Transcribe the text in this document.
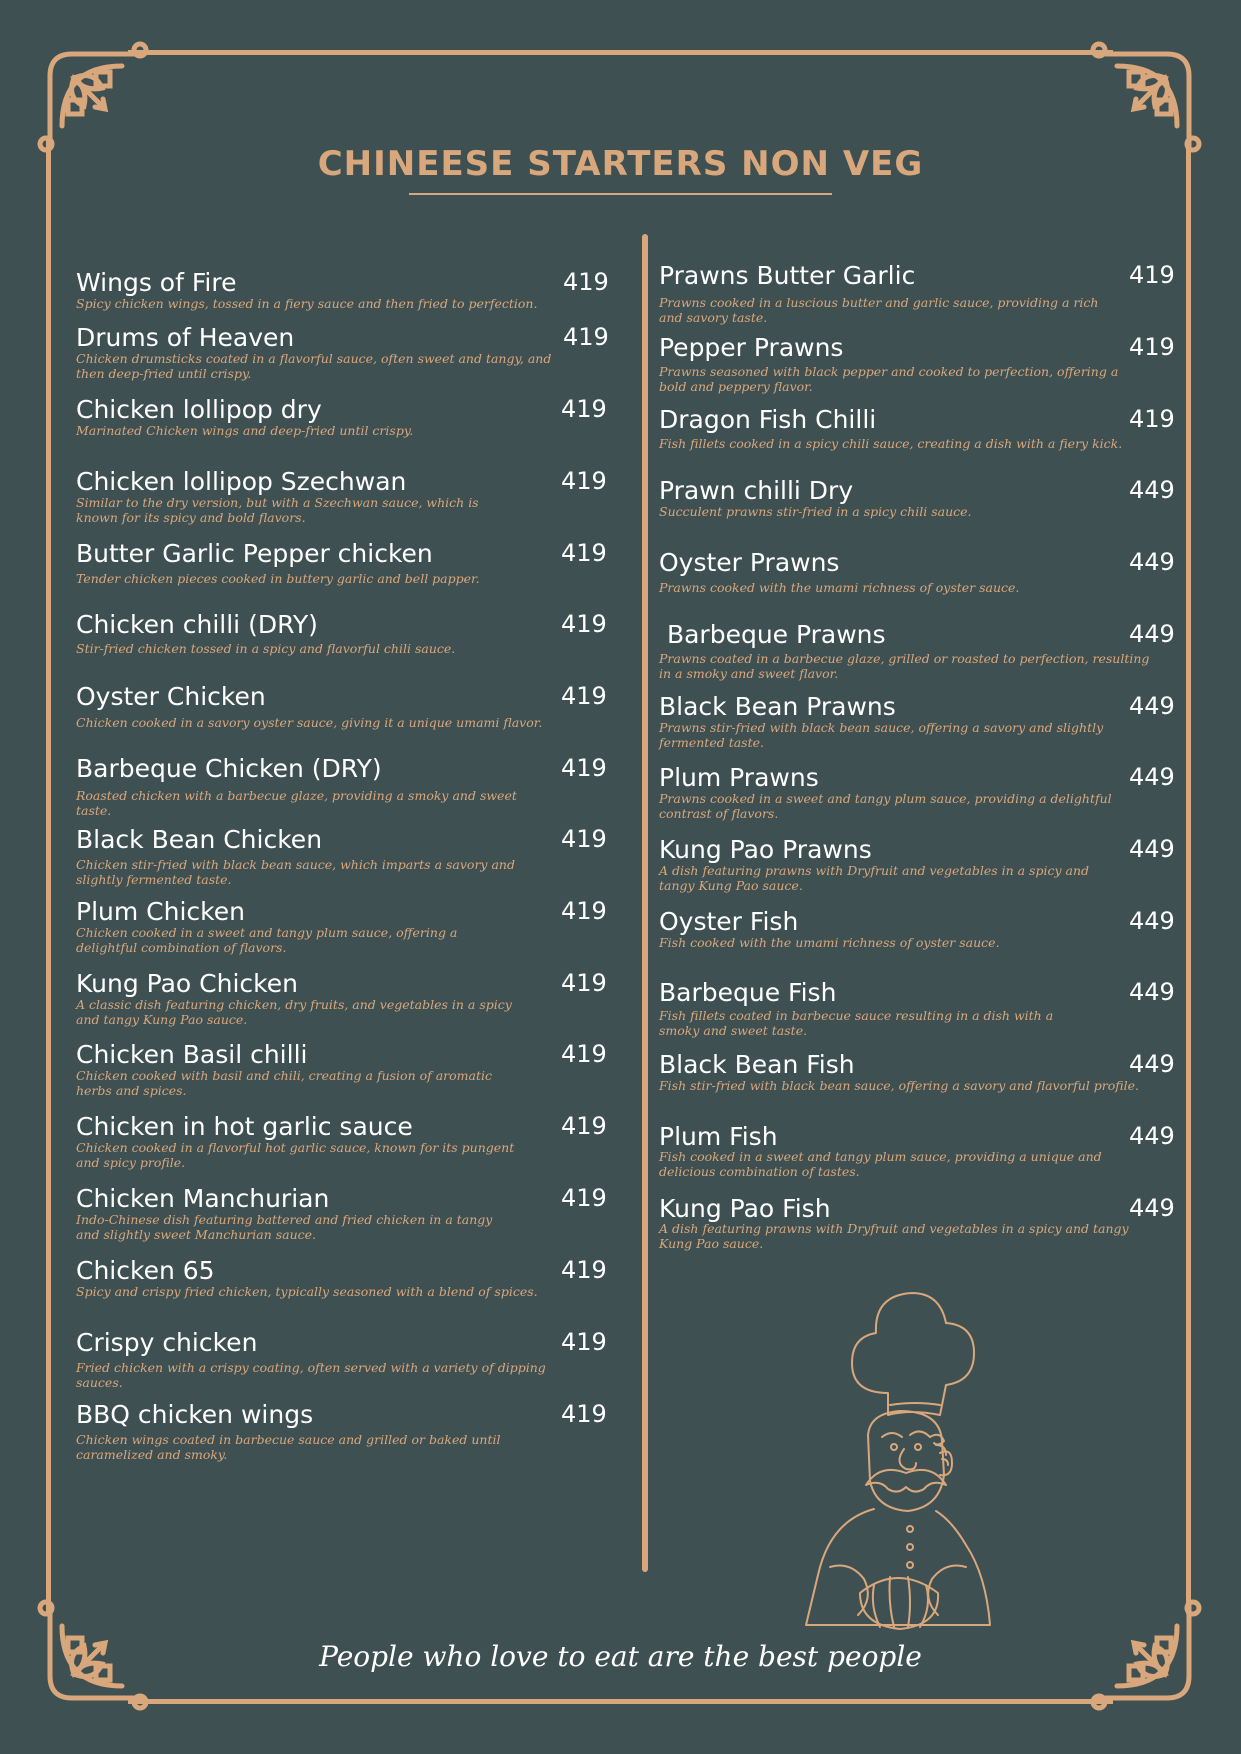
CHINEESE STARTERS NON VEG
Wings of Fire	419
Spicy chicken wings, tossed in a fiery sauce and then fried to perfection.
Drums of Heaven	419
Chicken drumsticks coated in a flavorful sauce, often sweet and tangy, and then deep-fried until crispy.
Chicken lollipop dry	419
Marinated Chicken wings and deep-fried until crispy.
Chicken lollipop Szechwan	419
Similar to the dry version, but with a Szechwan sauce, which is known for its spicy and bold flavors.
Butter Garlic Pepper chicken	419
Tender chicken pieces cooked in buttery garlic and bell papper.
Chicken chilli (DRY)	419
Stir-fried chicken tossed in a spicy and flavorful chili sauce.
Oyster Chicken	419
Chicken cooked in a savory oyster sauce, giving it a unique umami flavor.
Barbeque Chicken (DRY)	419
Roasted chicken with a barbecue glaze, providing a smoky and sweet taste.
Black Bean Chicken	419
Chicken stir-fried with black bean sauce, which imparts a savory and slightly fermented taste.
Plum Chicken	419
Chicken cooked in a sweet and tangy plum sauce, offering a delightful combination of flavors.
Kung Pao Chicken	419
A classic dish featuring chicken, dry fruits, and vegetables in a spicy and tangy Kung Pao sauce.
Chicken Basil chilli	419
Chicken cooked with basil and chili, creating a fusion of aromatic herbs and spices.
Chicken in hot garlic sauce	419
Chicken cooked in a flavorful hot garlic sauce, known for its pungent and spicy profile.
Chicken Manchurian	419
Indo-Chinese dish featuring battered and fried chicken in a tangy and slightly sweet Manchurian sauce.
Chicken 65	419
Spicy and crispy fried chicken, typically seasoned with a blend of spices.
Crispy chicken	419
Fried chicken with a crispy coating, often served with a variety of dipping sauces.
BBQ chicken wings	419
Chicken wings coated in barbecue sauce and grilled or baked until caramelized and smoky.
Prawns Butter Garlic	419
Prawns cooked in a luscious butter and garlic sauce, providing a rich and savory taste.
Pepper Prawns	419
Prawns seasoned with black pepper and cooked to perfection, offering a bold and peppery flavor.
Dragon Fish Chilli	419
Fish fillets cooked in a spicy chili sauce, creating a dish with a fiery kick.
Prawn chilli Dry	449
Succulent prawns stir-fried in a spicy chili sauce.
Oyster Prawns	449
Prawns cooked with the umami richness of oyster sauce.
Barbeque Prawns	449
Prawns coated in a barbecue glaze, grilled or roasted to perfection, resulting in a smoky and sweet flavor.
Black Bean Prawns	449
Prawns stir-fried with black bean sauce, offering a savory and slightly fermented taste.
Plum Prawns	449
Prawns cooked in a sweet and tangy plum sauce, providing a delightful contrast of flavors.
Kung Pao Prawns	449
A dish featuring prawns with Dryfruit and vegetables in a spicy and tangy Kung Pao sauce.
Oyster Fish	449
Fish cooked with the umami richness of oyster sauce.
Barbeque Fish	449
Fish fillets coated in barbecue sauce resulting in a dish with a smoky and sweet taste.
Black Bean Fish	449
Fish stir-fried with black bean sauce, offering a savory and flavorful profile.
Plum Fish	449
Fish cooked in a sweet and tangy plum sauce, providing a unique and delicious combination of tastes.
Kung Pao Fish	449
A dish featuring prawns with Dryfruit and vegetables in a spicy and tangy Kung Pao sauce.
People who love to eat are the best people
